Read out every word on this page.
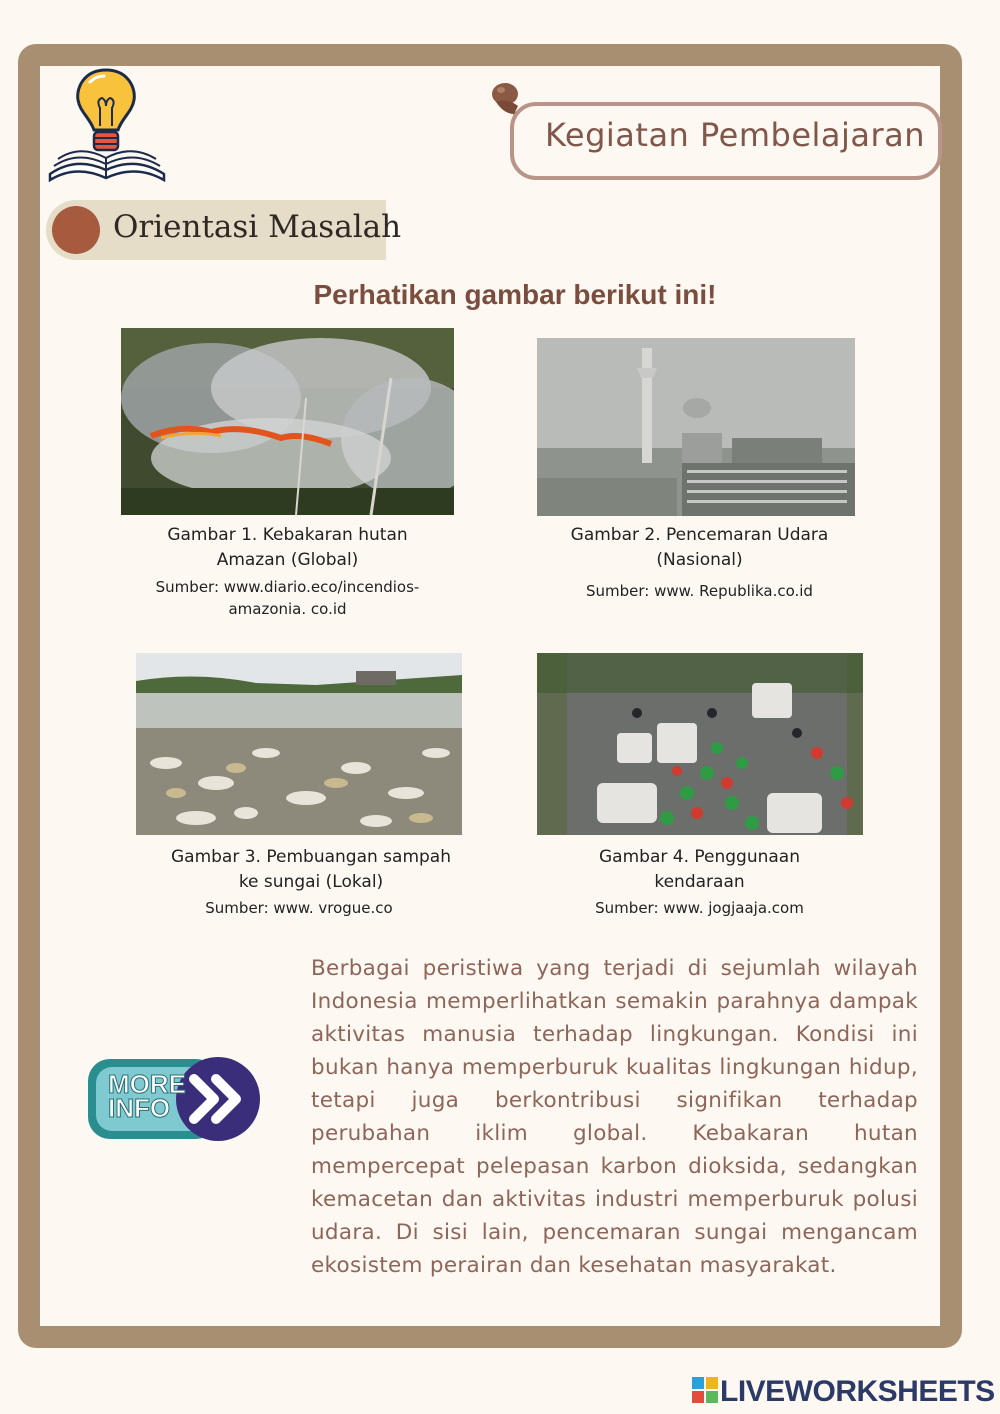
Kegiatan Pembelajaran
Orientasi Masalah
Perhatikan gambar berikut ini!
Gambar 1. Kebakaran hutan
Amazan (Global)
Sumber: www.diario.eco/incendios-
amazonia. co.id
Gambar 2. Pencemaran Udara
(Nasional)
Sumber: www. Republika.co.id
Gambar 3. Pembuangan sampah
ke sungai (Lokal)
Sumber: www. vrogue.co
Gambar 4. Penggunaan
kendaraan
Sumber: www. jogjaaja.com
MORE
INFO
Berbagai peristiwa yang terjadi di sejumlah wilayah Indonesia memperlihatkan semakin parahnya dampak aktivitas manusia terhadap lingkungan. Kondisi ini bukan hanya memperburuk kualitas lingkungan hidup, tetapi juga berkontribusi signifikan terhadap perubahan iklim global. Kebakaran hutan mempercepat pelepasan karbon dioksida, sedangkan kemacetan dan aktivitas industri memperburuk polusi udara. Di sisi lain, pencemaran sungai mengancam ekosistem perairan dan kesehatan masyarakat.
LIVEWORKSHEETS
